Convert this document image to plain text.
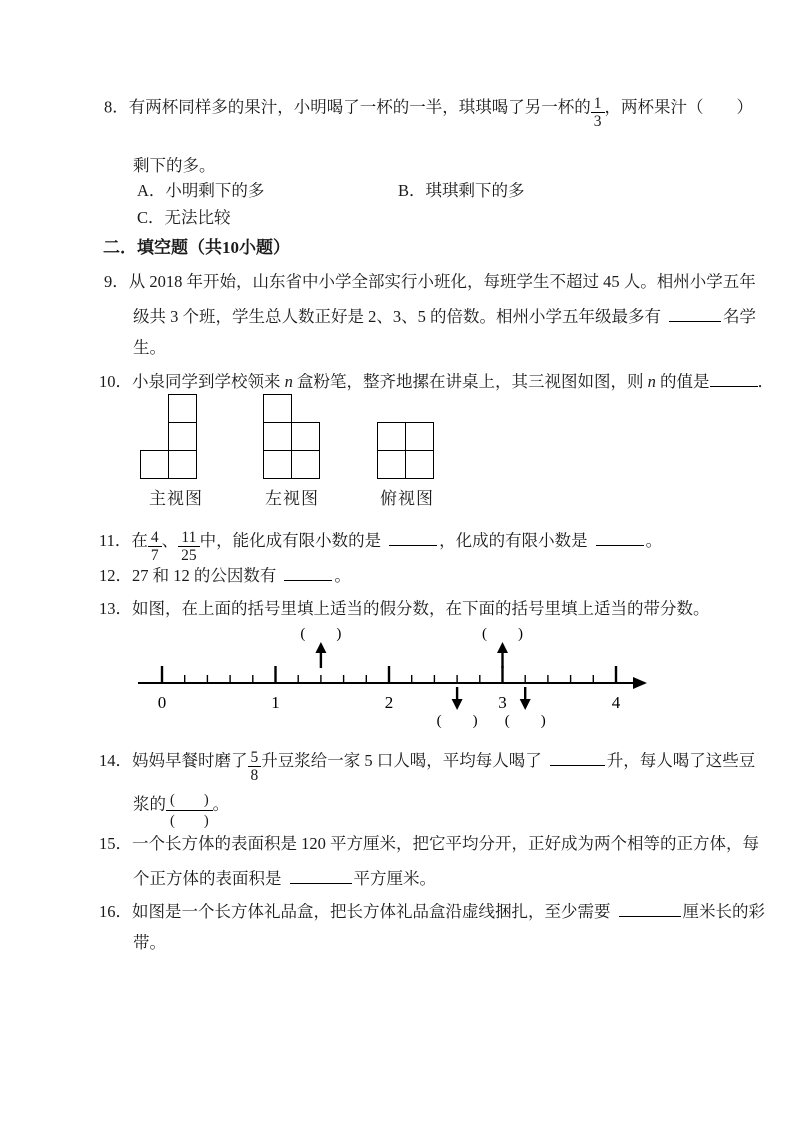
8．有两杯同样多的果汁，小明喝了一杯的一半，琪琪喝了另一杯的 $\frac{1}{3}$ ，两杯果汁（　　）
剩下的多。
A．小明剩下的多	B．琪琪剩下的多
C．无法比较
二．填空题（共10小题）
9．从 2018 年开始，山东省中小学全部实行小班化，每班学生不超过 45 人。相州小学五年
级共 3 个班，学生总人数正好是 2、3、5 的倍数。相州小学五年级最多有	名学
生。
10．小泉同学到学校领来 n 盒粉笔，整齐地摞在讲桌上，其三视图如图，则 n 的值是	．
主视图	左视图	俯视图
11．在 $\frac{4}{7}$ 、 $\frac{11}{25}$ 中，能化成有限小数的是	，化成的有限小数是	。
12．27 和 12 的公因数有	。
13．如图，在上面的括号里填上适当的假分数，在下面的括号里填上适当的带分数。
0	1	2	3	4
( )	( )
( ) ( )
14．妈妈早餐时磨了 $\frac{5}{8}$ 升豆浆给一家 5 口人喝，平均每人喝了	升，每人喝了这些豆
浆的 (　　)
(　　)
。
15．一个长方体的表面积是 120 平方厘米，把它平均分开，正好成为两个相等的正方体，每
个正方体的表面积是	平方厘米。
16．如图是一个长方体礼品盒，把长方体礼品盒沿虚线捆扎，至少需要	厘米长的彩
带。
